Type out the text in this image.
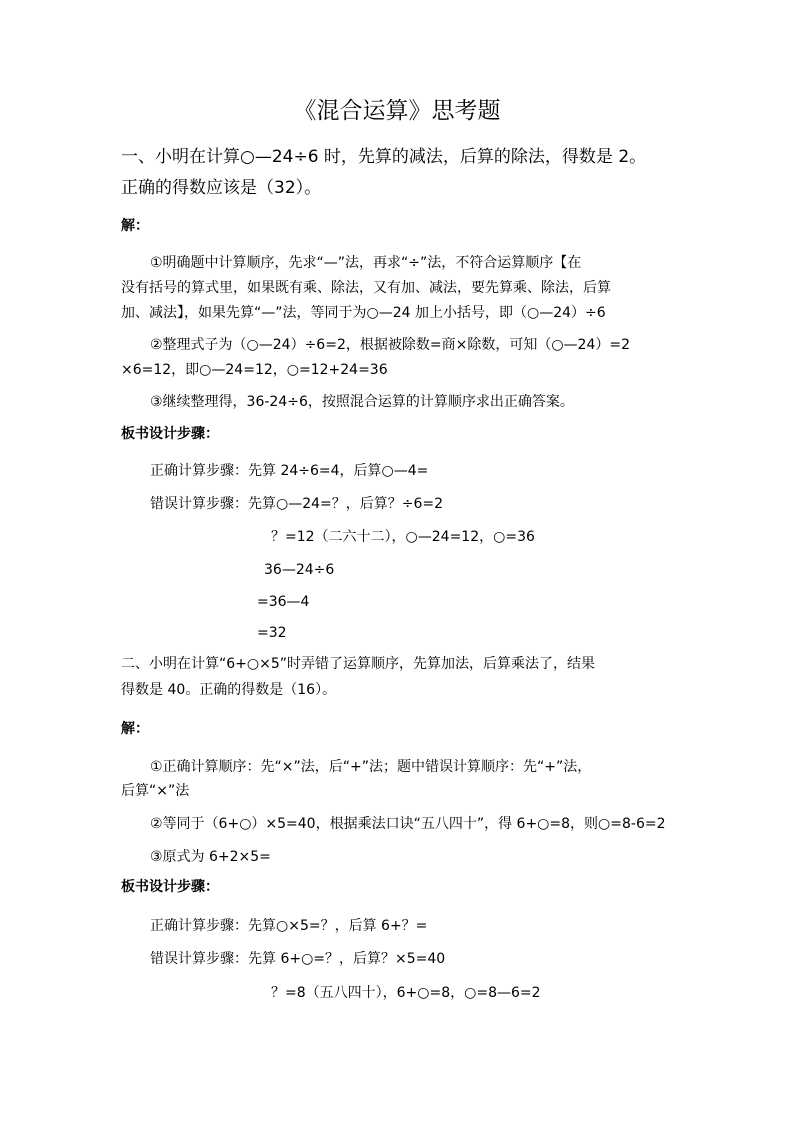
《混合运算》思考题
一、小明在计算○—24÷6 时，先算的减法，后算的除法，得数是 2。
正确的得数应该是（32）。
解：
①明确题中计算顺序，先求“—”法，再求“÷”法，不符合运算顺序【在
没有括号的算式里，如果既有乘、除法，又有加、减法，要先算乘、除法，后算
加、减法】，如果先算“—”法，等同于为○—24 加上小括号，即（○—24）÷6
②整理式子为（○—24）÷6=2，根据被除数=商×除数，可知（○—24）=2
×6=12，即○—24=12，○=12+24=36
③继续整理得，36-24÷6，按照混合运算的计算顺序求出正确答案。
板书设计步骤：
正确计算步骤：先算 24÷6=4，后算○—4=
错误计算步骤：先算○—24=？，后算？÷6=2
？=12（二六十二），○—24=12，○=36
36—24÷6
=36—4
=32
二、小明在计算“6+○×5”时弄错了运算顺序，先算加法，后算乘法了，结果
得数是 40。正确的得数是（16）。
解：
①正确计算顺序：先“×”法，后“+”法；题中错误计算顺序：先“+”法，
后算“×”法
②等同于（6+○）×5=40，根据乘法口诀“五八四十”，得 6+○=8，则○=8-6=2
③原式为 6+2×5=
板书设计步骤：
正确计算步骤：先算○×5=？，后算 6+？=
错误计算步骤：先算 6+○=？，后算？×5=40
？=8（五八四十），6+○=8，○=8—6=2
